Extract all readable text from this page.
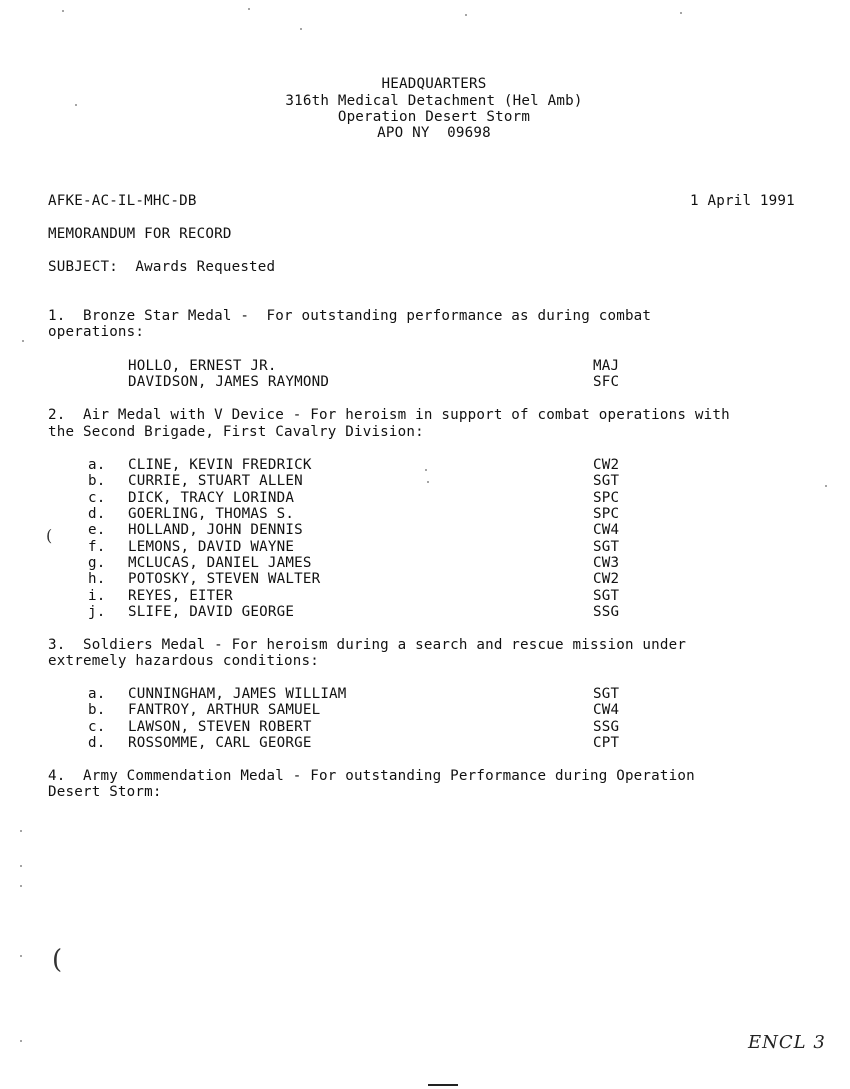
HEADQUARTERS
316th Medical Detachment (Hel Amb)
Operation Desert Storm
APO NY  09698
AFKE-AC-IL-MHC-DB	1 April 1991
MEMORANDUM FOR RECORD
SUBJECT:  Awards Requested
1.  Bronze Star Medal -  For outstanding performance as during combat
operations:
HOLLO, ERNEST JR.	MAJ
DAVIDSON, JAMES RAYMOND	SFC
2.  Air Medal with V Device - For heroism in support of combat operations with
the Second Brigade, First Cavalry Division:
a. CLINE, KEVIN FREDRICK	CW2
b. CURRIE, STUART ALLEN	SGT
c. DICK, TRACY LORINDA	SPC
d. GOERLING, THOMAS S.	SPC
e. HOLLAND, JOHN DENNIS	CW4
f. LEMONS, DAVID WAYNE	SGT
g. MCLUCAS, DANIEL JAMES	CW3
h. POTOSKY, STEVEN WALTER	CW2
i. REYES, EITER	SGT
j. SLIFE, DAVID GEORGE	SSG
3.  Soldiers Medal - For heroism during a search and rescue mission under
extremely hazardous conditions:
a. CUNNINGHAM, JAMES WILLIAM	SGT
b. FANTROY, ARTHUR SAMUEL	CW4
c. LAWSON, STEVEN ROBERT	SSG
d. ROSSOMME, CARL GEORGE	CPT
4.  Army Commendation Medal - For outstanding Performance during Operation
Desert Storm:
(
(
ENCL 3
